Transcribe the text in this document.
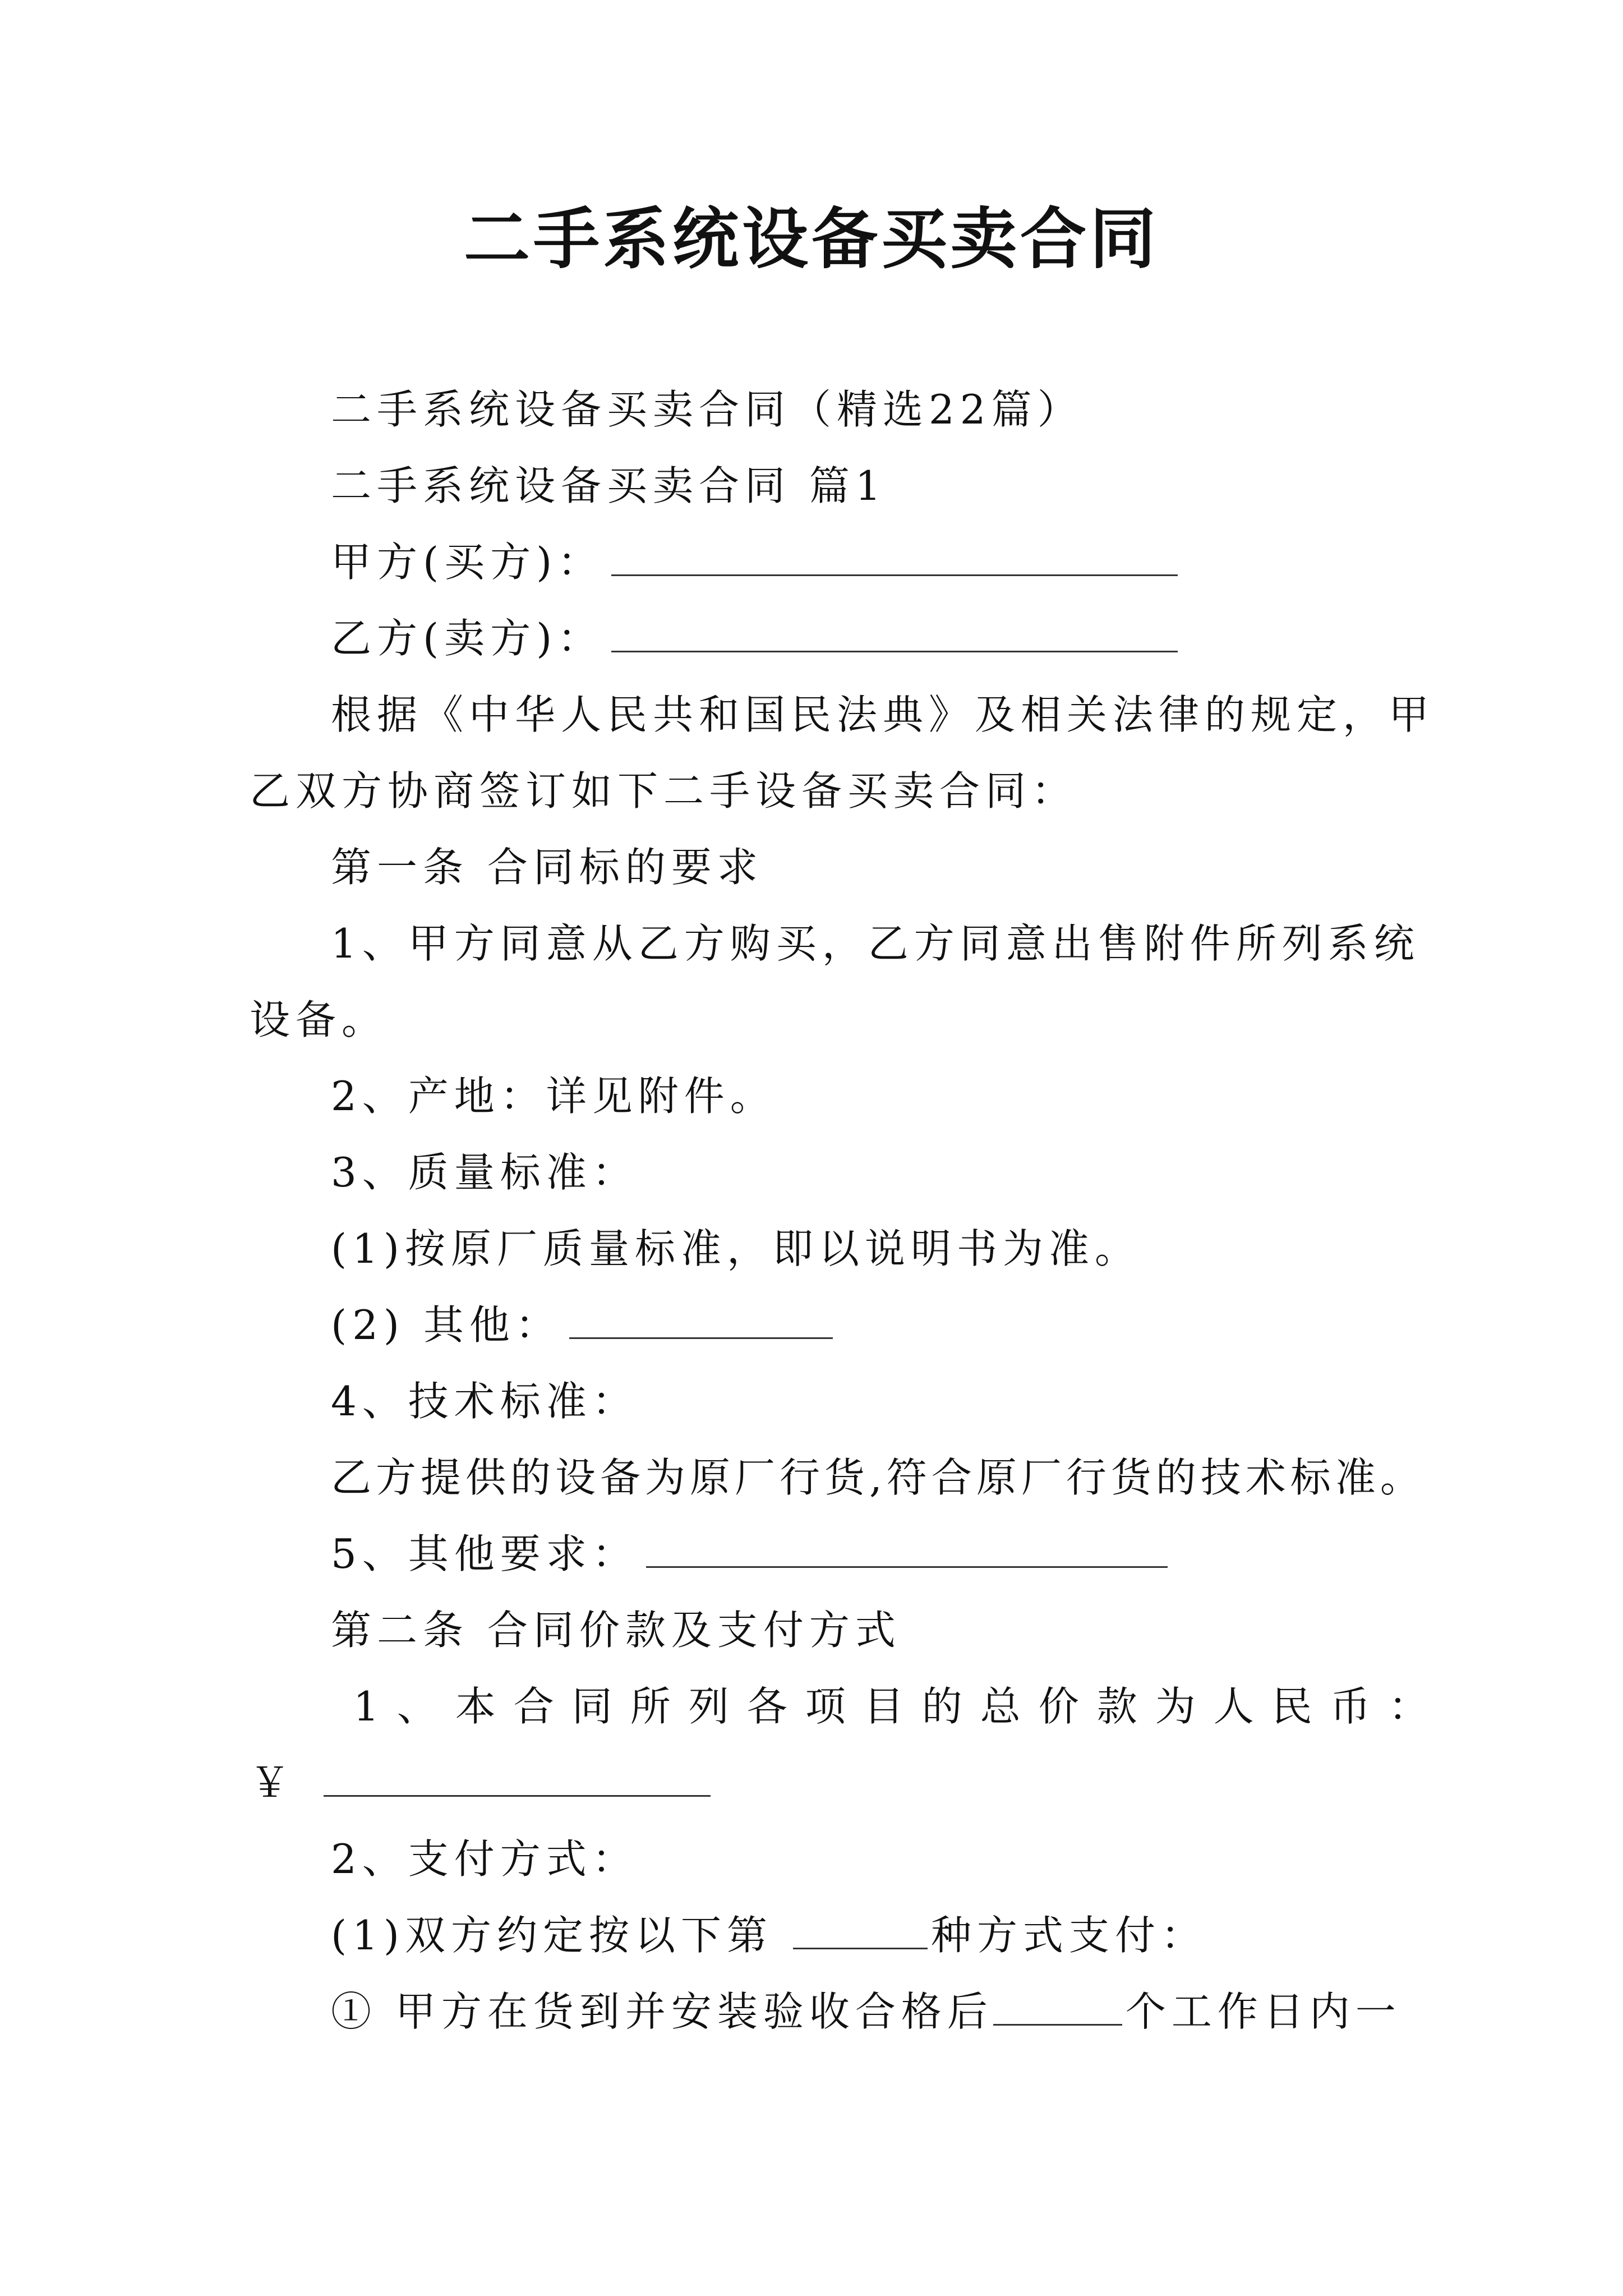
二手系统设备买卖合同
二手系统设备买卖合同（精选22篇）
二手系统设备买卖合同 篇1
甲方(买方)：
乙方(卖方)：
根据《中华人民共和国民法典》及相关法律的规定，甲
乙双方协商签订如下二手设备买卖合同：
第一条 合同标的要求
1、甲方同意从乙方购买，乙方同意出售附件所列系统
设备。
2、产地：详见附件。
3、质量标准：
(1)按原厂质量标准，即以说明书为准。
(2) 其他：
4、技术标准：
乙方提供的设备为原厂行货,符合原厂行货的技术标准。
5、其他要求：
第二条 合同价款及支付方式
1、本合同所列各项目的总价款为人民币：
￥
2、支付方式：
(1)双方约定按以下第	种方式支付：
① 甲方在货到并安装验收合格后	个工作日内一
